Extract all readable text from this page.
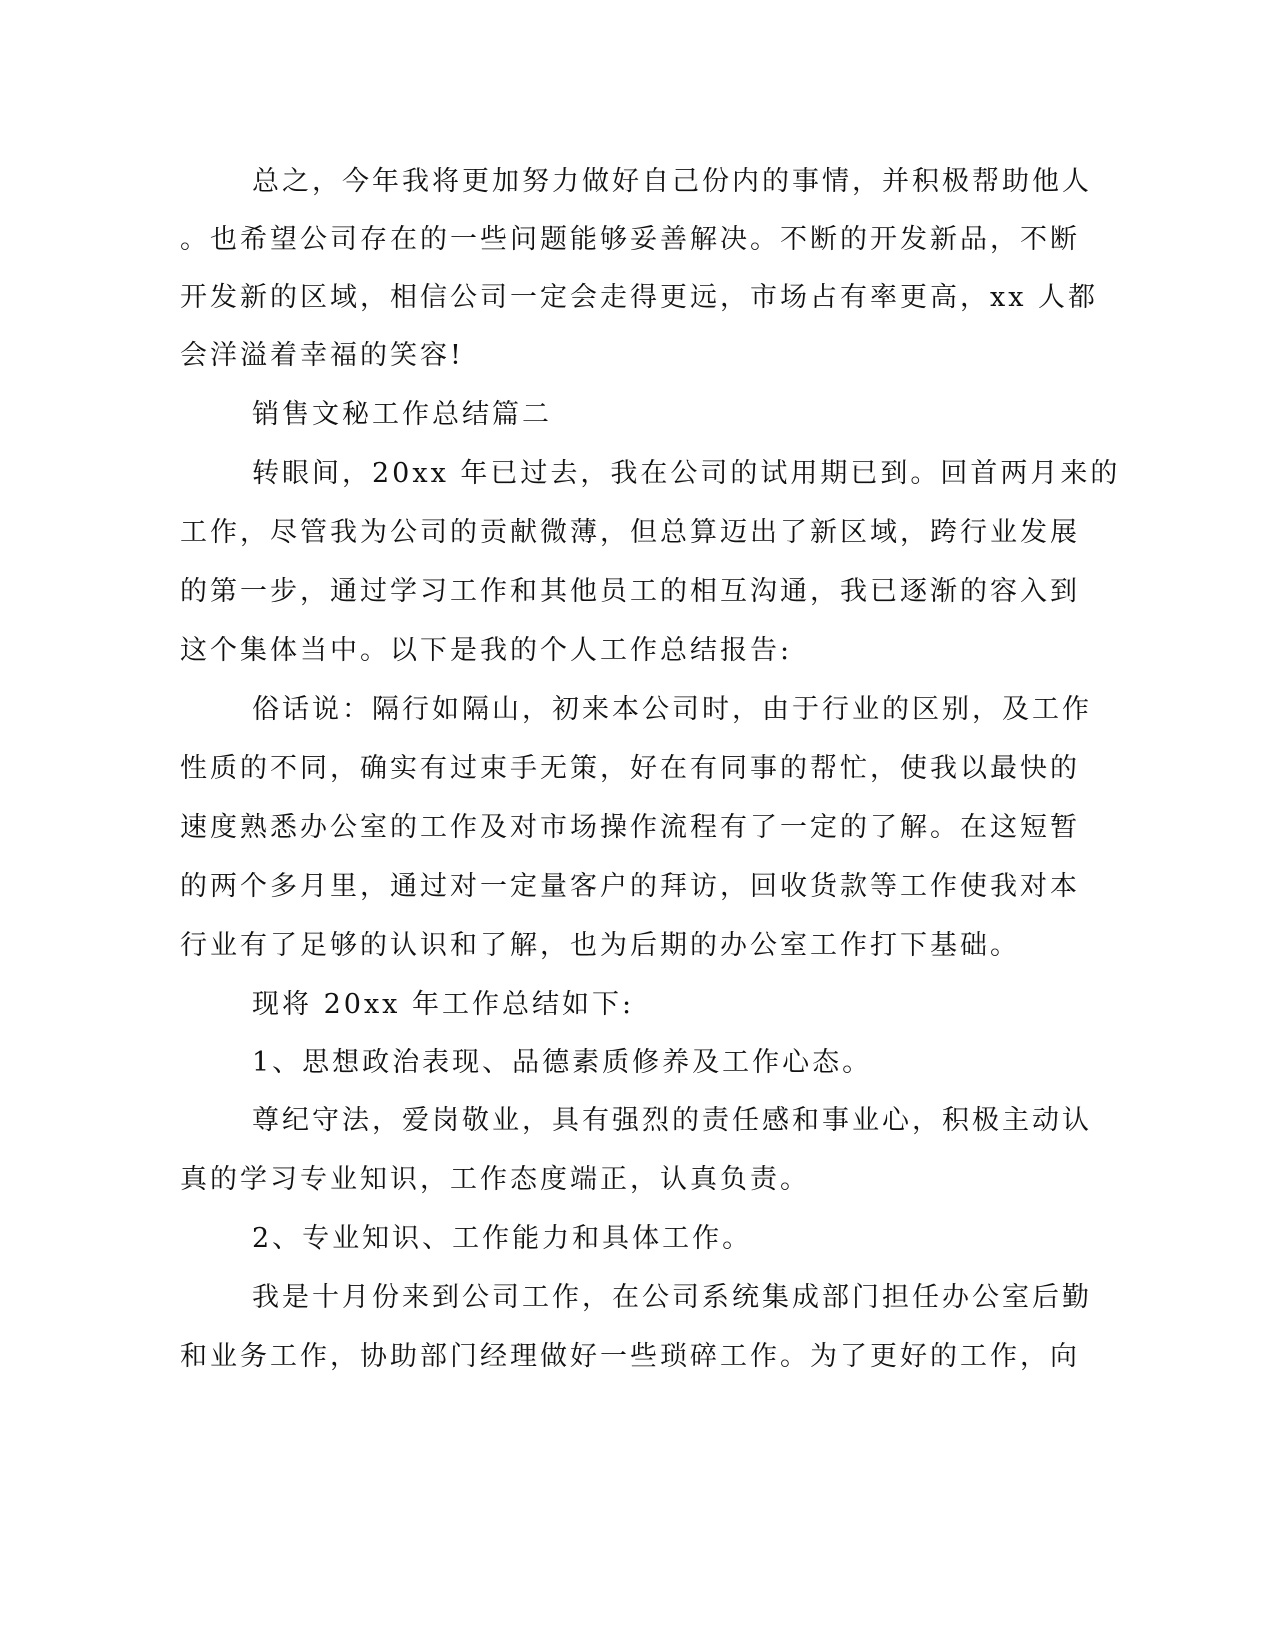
总之，今年我将更加努力做好自己份内的事情，并积极帮助他人
。也希望公司存在的一些问题能够妥善解决。不断的开发新品，不断
开发新的区域，相信公司一定会走得更远，市场占有率更高，xx 人都
会洋溢着幸福的笑容!
销售文秘工作总结篇二
转眼间，20xx 年已过去，我在公司的试用期已到。回首两月来的
工作，尽管我为公司的贡献微薄，但总算迈出了新区域，跨行业发展
的第一步，通过学习工作和其他员工的相互沟通，我已逐渐的容入到
这个集体当中。以下是我的个人工作总结报告:
俗话说：隔行如隔山，初来本公司时，由于行业的区别，及工作
性质的不同，确实有过束手无策，好在有同事的帮忙，使我以最快的
速度熟悉办公室的工作及对市场操作流程有了一定的了解。在这短暂
的两个多月里，通过对一定量客户的拜访，回收货款等工作使我对本
行业有了足够的认识和了解，也为后期的办公室工作打下基础。
现将 20xx 年工作总结如下:
1、思想政治表现、品德素质修养及工作心态。
尊纪守法，爱岗敬业，具有强烈的责任感和事业心，积极主动认
真的学习专业知识，工作态度端正，认真负责。
2、专业知识、工作能力和具体工作。
我是十月份来到公司工作，在公司系统集成部门担任办公室后勤
和业务工作，协助部门经理做好一些琐碎工作。为了更好的工作，向
